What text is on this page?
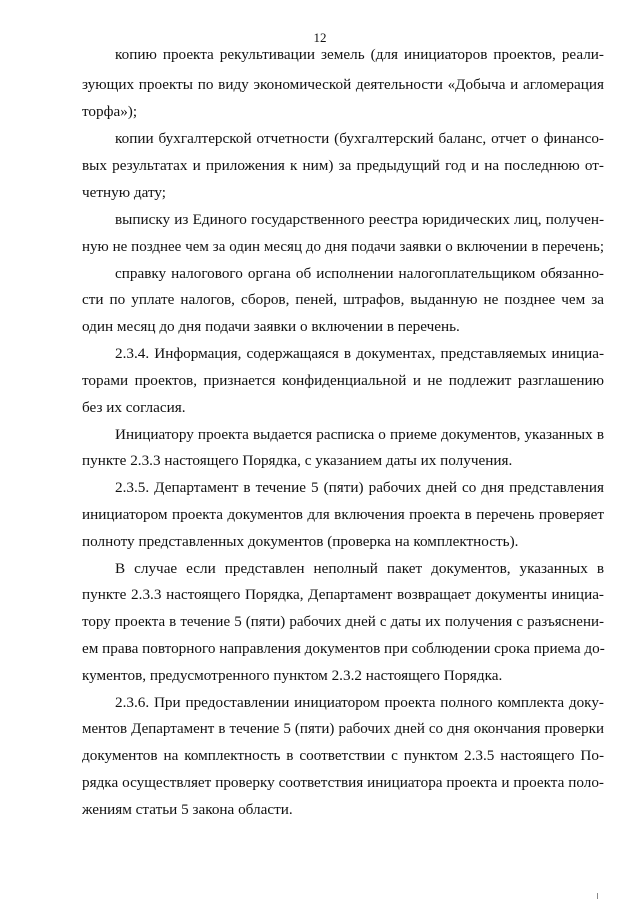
12
копию проекта рекультивации земель (для инициаторов проектов, реали-
зующих проекты по виду экономической деятельности «Добыча и агломерация
торфа»);
копии бухгалтерской отчетности (бухгалтерский баланс, отчет о финансо-
вых результатах и приложения к ним) за предыдущий год и на последнюю от-
четную дату;
выписку из Единого государственного реестра юридических лиц, получен-
ную не позднее чем за один месяц до дня подачи заявки о включении в перечень;
справку налогового органа об исполнении налогоплательщиком обязанно-
сти по уплате налогов, сборов, пеней, штрафов, выданную не позднее чем за
один месяц до дня подачи заявки о включении в перечень.
2.3.4. Информация, содержащаяся в документах, представляемых инициа-
торами проектов, признается конфиденциальной и не подлежит разглашению
без их согласия.
Инициатору проекта выдается расписка о приеме документов, указанных в
пункте 2.3.3 настоящего Порядка, с указанием даты их получения.
2.3.5. Департамент в течение 5 (пяти) рабочих дней со дня представления
инициатором проекта документов для включения проекта в перечень проверяет
полноту представленных документов (проверка на комплектность).
В случае если представлен неполный пакет документов, указанных в
пункте 2.3.3 настоящего Порядка, Департамент возвращает документы инициа-
тору проекта в течение 5 (пяти) рабочих дней с даты их получения с разъяснени-
ем права повторного направления документов при соблюдении срока приема до-
кументов, предусмотренного пунктом 2.3.2 настоящего Порядка.
2.3.6. При предоставлении инициатором проекта полного комплекта доку-
ментов Департамент в течение 5 (пяти) рабочих дней со дня окончания проверки
документов на комплектность в соответствии с пунктом 2.3.5 настоящего По-
рядка осуществляет проверку соответствия инициатора проекта и проекта поло-
жениям статьи 5 закона области.
